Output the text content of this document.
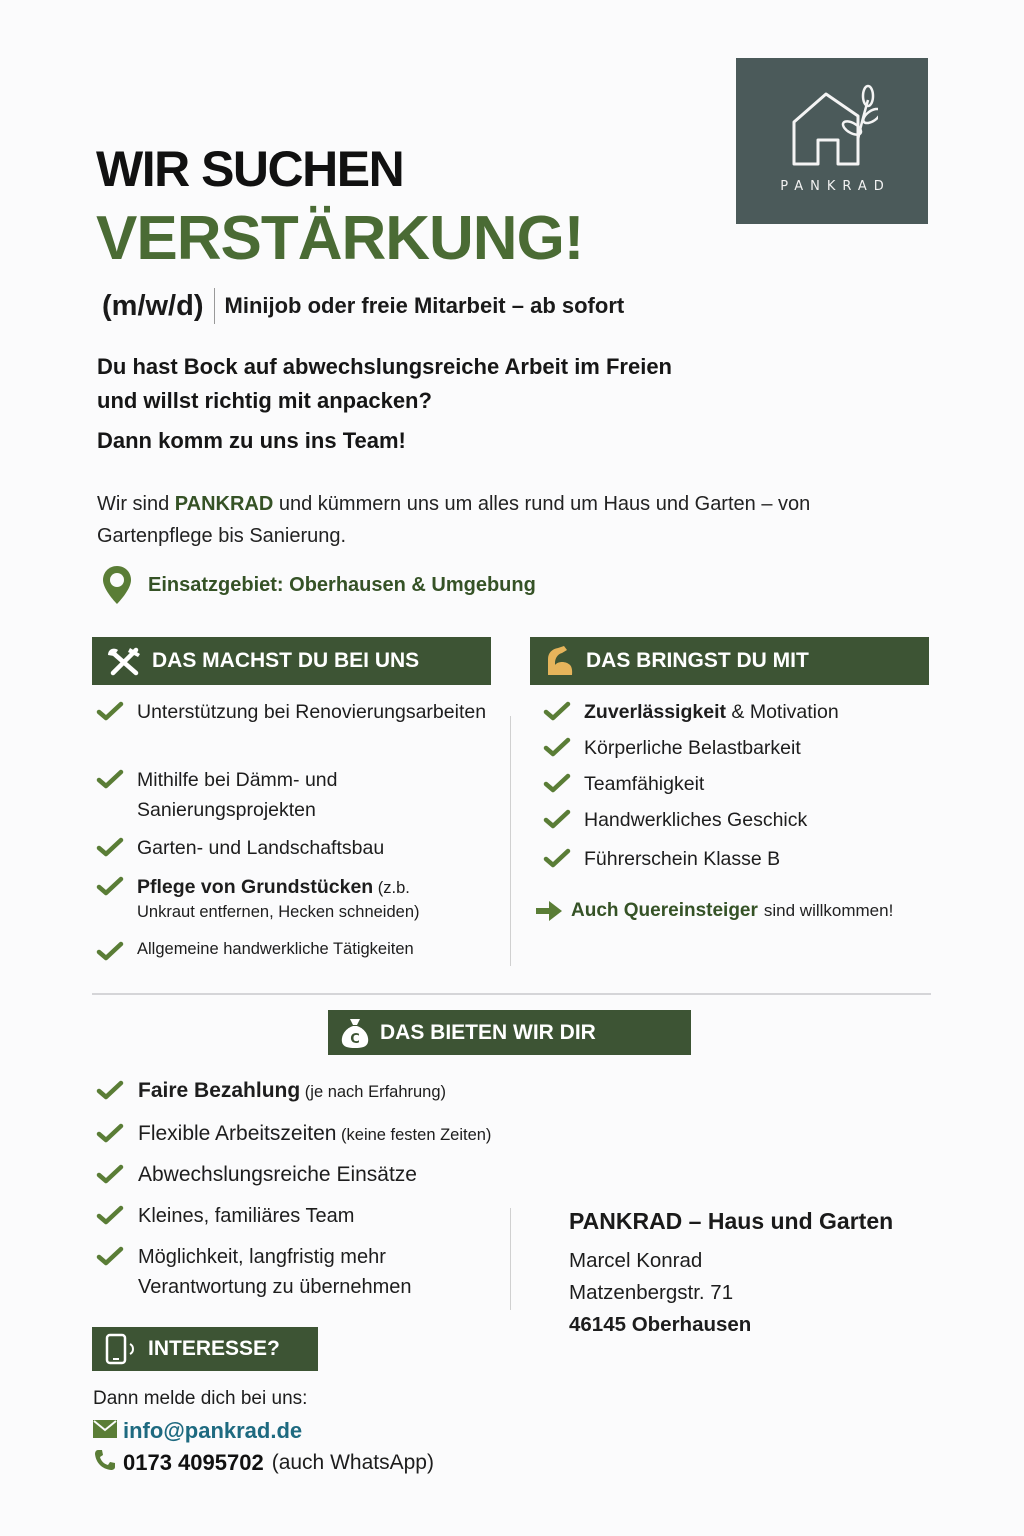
PANKRAD
WIR SUCHEN
VERSTÄRKUNG!
(m/w/d) Minijob oder freie Mitarbeit – ab sofort
Du hast Bock auf abwechslungsreiche Arbeit im Freien
und willst richtig mit anpacken?
Dann komm zu uns ins Team!
Wir sind PANKRAD und kümmern uns um alles rund um Haus und Garten – von Gartenpflege bis Sanierung.
Einsatzgebiet: Oberhausen & Umgebung
DAS MACHST DU BEI UNS	DAS BRINGST DU MIT
Unterstützung bei Renovierungsarbeiten
Mithilfe bei Dämm- und Sanierungsprojekten
Garten- und Landschaftsbau
Pflege von Grundstücken (z.b.
Unkraut entfernen, Hecken schneiden)
Allgemeine handwerkliche Tätigkeiten
Zuverlässigkeit & Motivation
Körperliche Belastbarkeit
Teamfähigkeit
Handwerkliches Geschick
Führerschein Klasse B
Auch Quereinsteiger sind willkommen!
C DAS BIETEN WIR DIR
Faire Bezahlung (je nach Erfahrung)
Flexible Arbeitszeiten (keine festen Zeiten)
Abwechslungsreiche Einsätze
Kleines, familiäres Team
Möglichkeit, langfristig mehr
Verantwortung zu übernehmen
PANKRAD – Haus und Garten
Marcel Konrad
Matzenbergstr. 71
46145 Oberhausen
INTERESSE?
Dann melde dich bei uns:
info@pankrad.de
0173 4095702 (auch WhatsApp)
